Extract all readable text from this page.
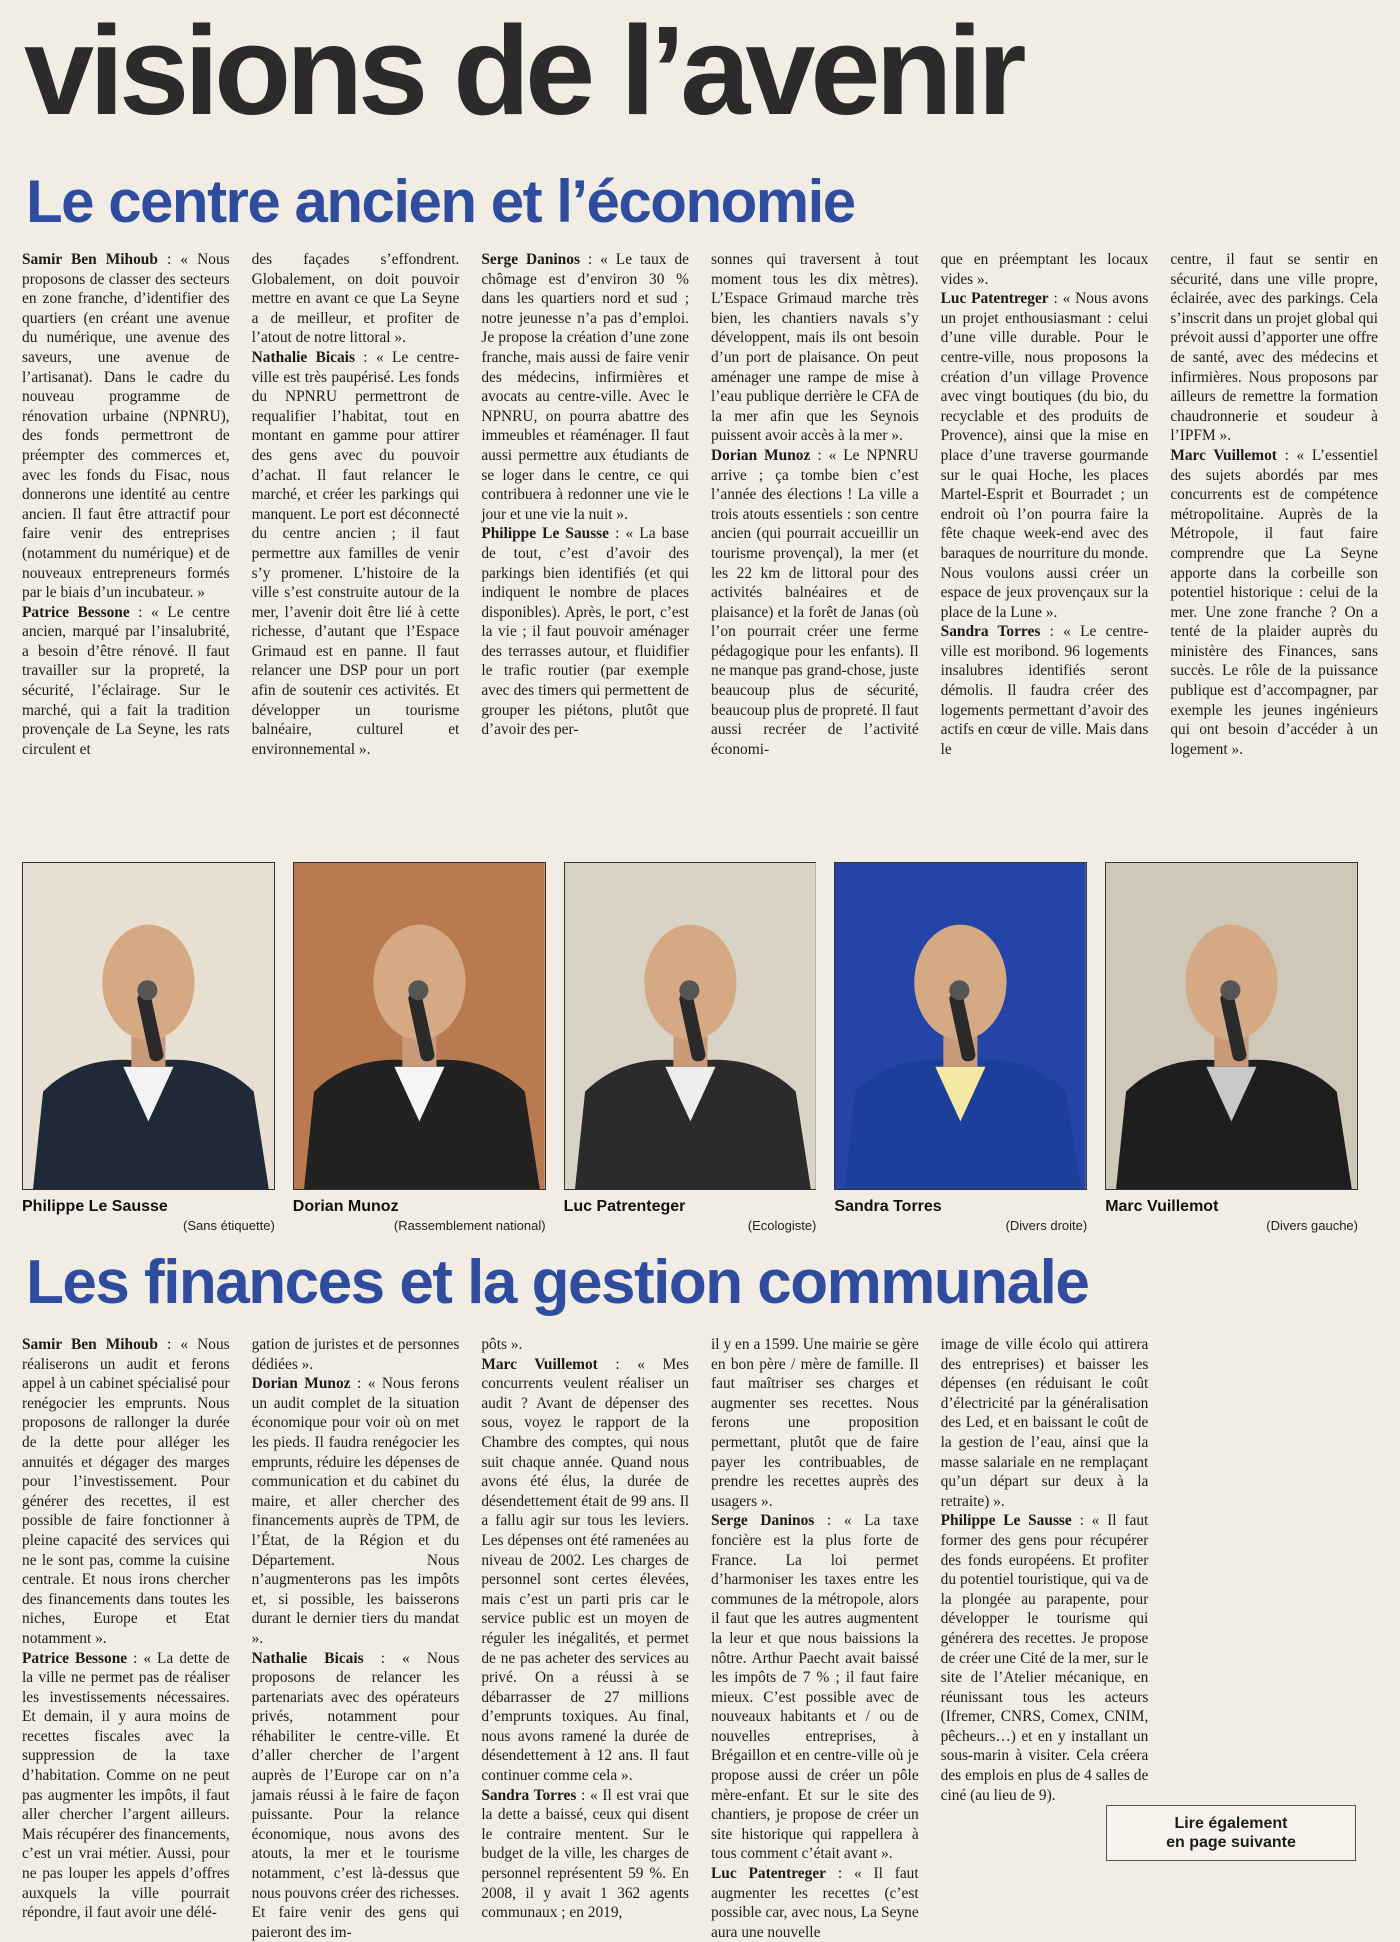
visions de l’avenir
Le centre ancien et l’économie

Samir Ben Mihoub : « Nous proposons de classer des secteurs en zone franche, d’identifier des quartiers (en créant une avenue du numérique, une avenue des saveurs, une avenue de l’artisanat). Dans le cadre du nouveau programme de rénovation urbaine (NPNRU), des fonds permettront de préempter des commerces et, avec les fonds du Fisac, nous donnerons une identité au centre ancien. Il faut être attractif pour faire venir des entreprises (notamment du numérique) et de nouveaux entrepreneurs formés par le biais d’un incubateur. »

Patrice Bessone : « Le centre ancien, marqué par l’insalubrité, a besoin d’être rénové. Il faut travailler sur la propreté, la sécurité, l’éclairage. Sur le marché, qui a fait la tradition provençale de La Seyne, les rats circulent et

des façades s’effondrent. Globalement, on doit pouvoir mettre en avant ce que La Seyne a de meilleur, et profiter de l’atout de notre littoral ».

Nathalie Bicais : « Le centre-ville est très paupérisé. Les fonds du NPNRU permettront de requalifier l’habitat, tout en montant en gamme pour attirer des gens avec du pouvoir d’achat. Il faut relancer le marché, et créer les parkings qui manquent. Le port est déconnecté du centre ancien ; il faut permettre aux familles de venir s’y promener. L’histoire de la ville s’est construite autour de la mer, l’avenir doit être lié à cette richesse, d’autant que l’Espace Grimaud est en panne. Il faut relancer une DSP pour un port afin de soutenir ces activités. Et développer un tourisme balnéaire, culturel et environnemental ».

Serge Daninos : « Le taux de chômage est d’environ 30 % dans les quartiers nord et sud ; notre jeunesse n’a pas d’emploi. Je propose la création d’une zone franche, mais aussi de faire venir des médecins, infirmières et avocats au centre-ville. Avec le NPNRU, on pourra abattre des immeubles et réaménager. Il faut aussi permettre aux étudiants de se loger dans le centre, ce qui contribuera à redonner une vie le jour et une vie la nuit ».

Philippe Le Sausse : « La base de tout, c’est d’avoir des parkings bien identifiés (et qui indiquent le nombre de places disponibles). Après, le port, c’est la vie ; il faut pouvoir aménager des terrasses autour, et fluidifier le trafic routier (par exemple avec des timers qui permettent de grouper les piétons, plutôt que d’avoir des per-

sonnes qui traversent à tout moment tous les dix mètres). L’Espace Grimaud marche très bien, les chantiers navals s’y développent, mais ils ont besoin d’un port de plaisance. On peut aménager une rampe de mise à l’eau publique derrière le CFA de la mer afin que les Seynois puissent avoir accès à la mer ».

Dorian Munoz : « Le NPNRU arrive ; ça tombe bien c’est l’année des élections ! La ville a trois atouts essentiels : son centre ancien (qui pourrait accueillir un tourisme provençal), la mer (et les 22 km de littoral pour des activités balnéaires et de plaisance) et la forêt de Janas (où l’on pourrait créer une ferme pédagogique pour les enfants). Il ne manque pas grand-chose, juste beaucoup plus de sécurité, beaucoup plus de propreté. Il faut aussi recréer de l’activité économi-

que en préemptant les locaux vides ».

Luc Patentreger : « Nous avons un projet enthousiasmant : celui d’une ville durable. Pour le centre-ville, nous proposons la création d’un village Provence avec vingt boutiques (du bio, du recyclable et des produits de Provence), ainsi que la mise en place d’une traverse gourmande sur le quai Hoche, les places Martel-Esprit et Bourradet ; un endroit où l’on pourra faire la fête chaque week-end avec des baraques de nourriture du monde. Nous voulons aussi créer un espace de jeux provençaux sur la place de la Lune ».

Sandra Torres : « Le centre-ville est moribond. 96 logements insalubres identifiés seront démolis. Il faudra créer des logements permettant d’avoir des actifs en cœur de ville. Mais dans le

centre, il faut se sentir en sécurité, dans une ville propre, éclairée, avec des parkings. Cela s’inscrit dans un projet global qui prévoit aussi d’apporter une offre de santé, avec des médecins et infirmières. Nous proposons par ailleurs de remettre la formation chaudronnerie et soudeur à l’IPFM ».

Marc Vuillemot : « L’essentiel des sujets abordés par mes concurrents est de compétence métropolitaine. Auprès de la Métropole, il faut faire comprendre que La Seyne apporte dans la corbeille son potentiel historique : celui de la mer. Une zone franche ? On a tenté de la plaider auprès du ministère des Finances, sans succès. Le rôle de la puissance publique est d’accompagner, par exemple les jeunes ingénieurs qui ont besoin d’accéder à un logement ».

Philippe Le Sausse
(Sans étiquette)
Dorian Munoz
(Rassemblement national)
Luc Patrenteger
(Ecologiste)
Sandra Torres
(Divers droite)
Marc Vuillemot
(Divers gauche)
Les finances et la gestion communale

Samir Ben Mihoub : « Nous réaliserons un audit et ferons appel à un cabinet spécialisé pour renégocier les emprunts. Nous proposons de rallonger la durée de la dette pour alléger les annuités et dégager des marges pour l’investissement. Pour générer des recettes, il est possible de faire fonctionner à pleine capacité des services qui ne le sont pas, comme la cuisine centrale. Et nous irons chercher des financements dans toutes les niches, Europe et Etat notamment ».

Patrice Bessone : « La dette de la ville ne permet pas de réaliser les investissements nécessaires. Et demain, il y aura moins de recettes fiscales avec la suppression de la taxe d’habitation. Comme on ne peut pas augmenter les impôts, il faut aller chercher l’argent ailleurs. Mais récupérer des financements, c’est un vrai métier. Aussi, pour ne pas louper les appels d’offres auxquels la ville pourrait répondre, il faut avoir une délé-

gation de juristes et de personnes dédiées ».

Dorian Munoz : « Nous ferons un audit complet de la situation économique pour voir où on met les pieds. Il faudra renégocier les emprunts, réduire les dépenses de communication et du cabinet du maire, et aller chercher des financements auprès de TPM, de l’État, de la Région et du Département. Nous n’augmenterons pas les impôts et, si possible, les baisserons durant le dernier tiers du mandat ».

Nathalie Bicais : « Nous proposons de relancer les partenariats avec des opérateurs privés, notamment pour réhabiliter le centre-ville. Et d’aller chercher de l’argent auprès de l’Europe car on n’a jamais réussi à le faire de façon puissante. Pour la relance économique, nous avons des atouts, la mer et le tourisme notamment, c’est là-dessus que nous pouvons créer des richesses. Et faire venir des gens qui paieront des im-

pôts ».

Marc Vuillemot : « Mes concurrents veulent réaliser un audit ? Avant de dépenser des sous, voyez le rapport de la Chambre des comptes, qui nous suit chaque année. Quand nous avons été élus, la durée de désendettement était de 99 ans. Il a fallu agir sur tous les leviers. Les dépenses ont été ramenées au niveau de 2002. Les charges de personnel sont certes élevées, mais c’est un parti pris car le service public est un moyen de réguler les inégalités, et permet de ne pas acheter des services au privé. On a réussi à se débarrasser de 27 millions d’emprunts toxiques. Au final, nous avons ramené la durée de désendettement à 12 ans. Il faut continuer comme cela ».

Sandra Torres : « Il est vrai que la dette a baissé, ceux qui disent le contraire mentent. Sur le budget de la ville, les charges de personnel représentent 59 %. En 2008, il y avait 1 362 agents communaux ; en 2019,

il y en a 1599. Une mairie se gère en bon père / mère de famille. Il faut maîtriser ses charges et augmenter ses recettes. Nous ferons une proposition permettant, plutôt que de faire payer les contribuables, de prendre les recettes auprès des usagers ».

Serge Daninos : « La taxe foncière est la plus forte de France. La loi permet d’harmoniser les taxes entre les communes de la métropole, alors il faut que les autres augmentent la leur et que nous baissions la nôtre. Arthur Paecht avait baissé les impôts de 7 % ; il faut faire mieux. C’est possible avec de nouveaux habitants et / ou de nouvelles entreprises, à Brégaillon et en centre-ville où je propose aussi de créer un pôle mère-enfant. Et sur le site des chantiers, je propose de créer un site historique qui rappellera à tous comment c’était avant ».

Luc Patentreger : « Il faut augmenter les recettes (c’est possible car, avec nous, La Seyne aura une nouvelle

image de ville écolo qui attirera des entreprises) et baisser les dépenses (en réduisant le coût d’électricité par la généralisation des Led, et en baissant le coût de la gestion de l’eau, ainsi que la masse salariale en ne remplaçant qu’un départ sur deux à la retraite) ».

Philippe Le Sausse : « Il faut former des gens pour récupérer des fonds européens. Et profiter du potentiel touristique, qui va de la plongée au parapente, pour développer le tourisme qui générera des recettes. Je propose de créer une Cité de la mer, sur le site de l’Atelier mécanique, en réunissant tous les acteurs (Ifremer, CNRS, Comex, CNIM, pêcheurs…) et en y installant un sous-marin à visiter. Cela créera des emplois en plus de 4 salles de ciné (au lieu de 9).

Lire également
en page suivante
